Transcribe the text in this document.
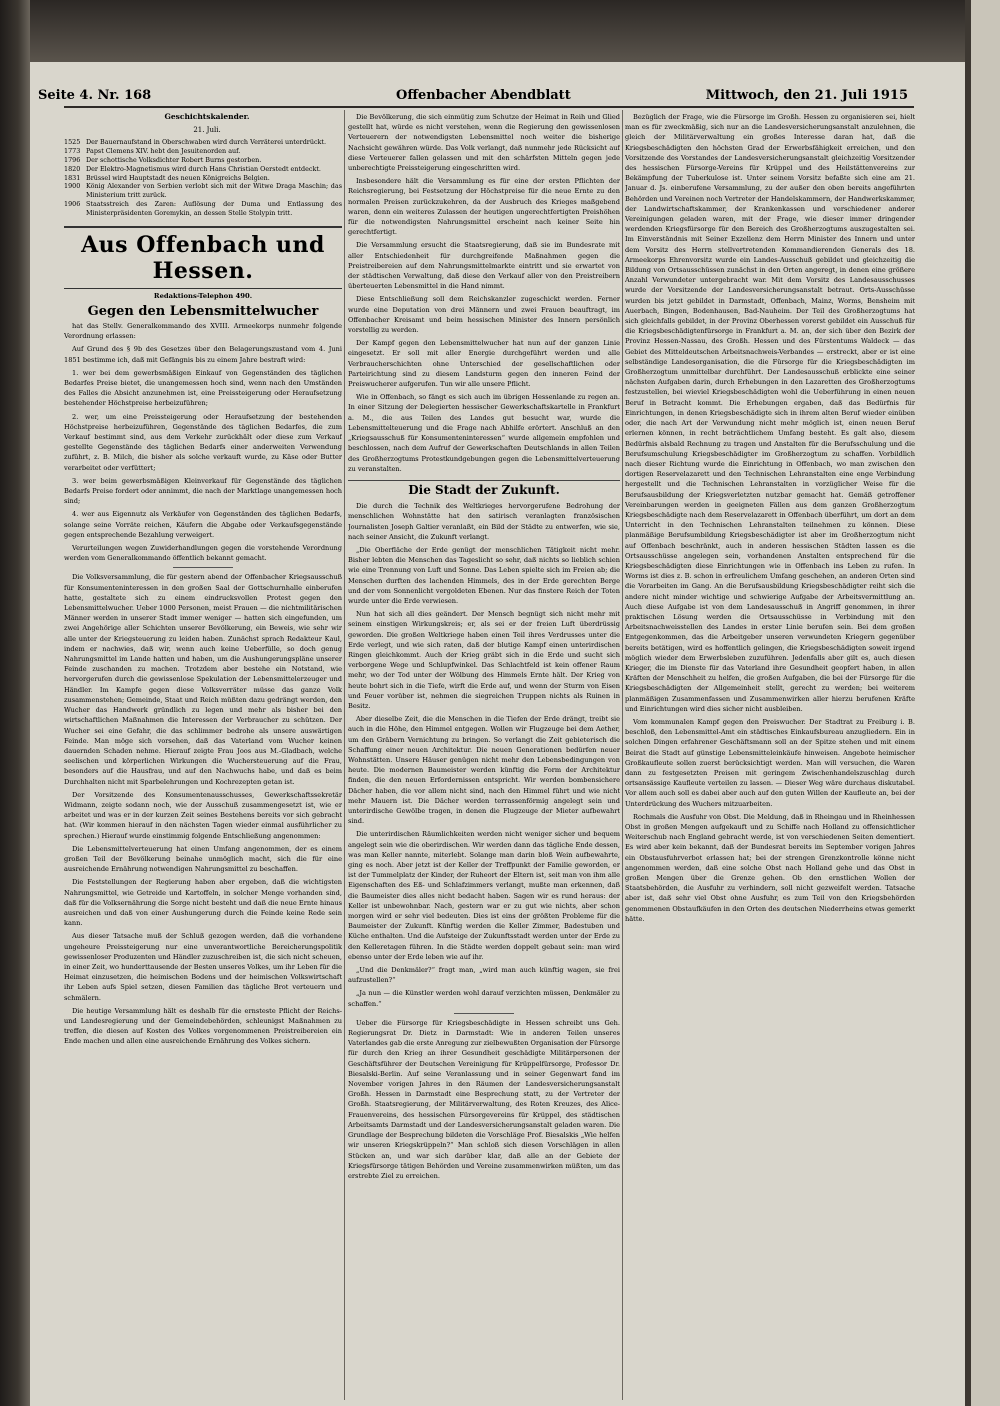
Seite 4. Nr. 168	Offenbacher Abendblatt	Mittwoch, den 21. Juli 1915

Geschichtskalender.

21. Juli.

1525 Der Bauernaufstand in Oberschwaben wird durch Verräterei unterdrückt.
1773 Papst Clemens XIV. hebt den Jesuitenorden auf.
1796 Der schottische Volksdichter Robert Burns gestorben.
1820 Der Elektro-Magnetismus wird durch Hans Christian Oerstedt entdeckt.
1831 Brüssel wird Hauptstadt des neuen Königreichs Belgien.
1900 König Alexander von Serbien verlobt sich mit der Witwe Draga Maschin; das Ministerium tritt zurück.
1906 Staatsstreich des Zaren: Auflösung der Duma und Entlassung des Ministerpräsidenten Goremykin, an dessen Stelle Stolypin tritt.
Aus Offenbach und Hessen.
Redaktions-Telephon 490.
Gegen den Lebensmittelwucher

hat das Stellv. Generalkommando des XVIII. Armeekorps nunmehr folgende Verordnung erlassen:

Auf Grund des § 9b des Gesetzes über den Belagerungszustand vom 4. Juni 1851 bestimme ich, daß mit Gefängnis bis zu einem Jahre bestraft wird:

1. wer bei dem gewerbsmäßigen Einkauf von Gegenständen des täglichen Bedarfes Preise bietet, die unangemessen hoch sind, wenn nach den Umständen des Falles die Absicht anzunehmen ist, eine Preissteigerung oder Heraufsetzung bestehender Höchstpreise herbeizuführen;

2. wer, um eine Preissteigerung oder Heraufsetzung der bestehenden Höchstpreise herbeizuführen, Gegenstände des täglichen Bedarfes, die zum Verkauf bestimmt sind, aus dem Verkehr zurückhält oder diese zum Verkauf gestellte Gegenstände des täglichen Bedarfs einer anderweiten Verwendung zuführt, z. B. Milch, die bisher als solche verkauft wurde, zu Käse oder Butter verarbeitet oder verfüttert;

3. wer beim gewerbsmäßigen Kleinverkauf für Gegenstände des täglichen Bedarfs Preise fordert oder annimmt, die nach der Marktlage unangemessen hoch sind;

4. wer aus Eigennutz als Verkäufer von Gegenständen des täglichen Bedarfs, solange seine Vorräte reichen, Käufern die Abgabe oder Verkaufsgegenstände gegen entsprechende Bezahlung verweigert.

Verurteilungen wegen Zuwiderhandlungen gegen die vorstehende Verordnung werden vom Generalkommando öffentlich bekannt gemacht.

Die Volksversammlung, die für gestern abend der Offenbacher Kriegsausschuß für Konsumenteninteressen in den großen Saal der Gottschurnhalle einberufen hatte, gestaltete sich zu einem eindrucksvollen Protest gegen den Lebensmittelwucher. Ueber 1000 Personen, meist Frauen — die nichtmilitärischen Männer werden in unserer Stadt immer weniger — hatten sich eingefunden, um zwei Angehörige aller Schichten unserer Bevölkerung, ein Beweis, wie sehr wir alle unter der Kriegsteuerung zu leiden haben. Zunächst sprach Redakteur Kaul, indem er nachwies, daß wir, wenn auch keine Ueberfülle, so doch genug Nahrungsmittel im Lande hatten und haben, um die Aushungerungspläne unserer Feinde zuschanden zu machen. Trotzdem aber bestehe ein Notstand, wie hervorgerufen durch die gewissenlose Spekulation der Lebensmittelerzeuger und Händler. Im Kampfe gegen diese Volksverräter müsse das ganze Volk zusammenstehen; Gemeinde, Staat und Reich müßten dazu gedrängt werden, den Wucher das Handwerk gründlich zu legen und mehr als bisher bei den wirtschaftlichen Maßnahmen die Interessen der Verbraucher zu schützen. Der Wucher sei eine Gefahr, die das schlimmer bedrohe als unsere auswärtigen Feinde. Man möge sich vorsehen, daß das Vaterland vom Wucher keinen dauernden Schaden nehme. Hierauf zeigte Frau Joos aus M.-Gladbach, welche seelischen und körperlichen Wirkungen die Wuchersteuerung auf die Frau, besonders auf die Hausfrau, und auf den Nachwuchs habe, und daß es beim Durchhalten nicht mit Sparbelehrungen und Kochrezepten getan ist.

Der Vorsitzende des Konsumentenausschusses, Gewerkschaftssekretär Widmann, zeigte sodann noch, wie der Ausschuß zusammengesetzt ist, wie er arbeitet und was er in der kurzen Zeit seines Bestehens bereits vor sich gebracht hat. (Wir kommen hierauf in den nächsten Tagen wieder einmal ausführlicher zu sprechen.) Hierauf wurde einstimmig folgende Entschließung angenommen:

Die Lebensmittelverteuerung hat einen Umfang angenommen, der es einem großen Teil der Bevölkerung beinahe unmöglich macht, sich die für eine ausreichende Ernährung notwendigen Nahrungsmittel zu beschaffen.

Die Feststellungen der Regierung haben aber ergeben, daß die wichtigsten Nahrungsmittel, wie Getreide und Kartoffeln, in solcher Menge vorhanden sind, daß für die Volksernährung die Sorge nicht besteht und daß die neue Ernte hinaus ausreichen und daß von einer Aushungerung durch die Feinde keine Rede sein kann.

Aus dieser Tatsache muß der Schluß gezogen werden, daß die vorhandene ungeheure Preissteigerung nur eine unverantwortliche Bereicherungspolitik gewissenloser Produzenten und Händler zuzuschreiben ist, die sich nicht scheuen, in einer Zeit, wo hunderttausende der Besten unseres Volkes, um ihr Leben für die Heimat einzusetzen, die heimischen Bodens und der heimischen Volkswirtschaft ihr Leben aufs Spiel setzen, diesen Familien das tägliche Brot verteuern und schmälern.

Die heutige Versammlung hält es deshalb für die ernsteste Pflicht der Reichs- und Landesregierung und der Gemeindebehörden, schleunigst Maßnahmen zu treffen, die diesen auf Kosten des Volkes vorgenommenen Preistreibereien ein Ende machen und allen eine ausreichende Ernährung des Volkes sichern.

Die Bevölkerung, die sich einmütig zum Schutze der Heimat in Reih und Glied gestellt hat, würde es nicht verstehen, wenn die Regierung den gewissenlosen Verteuerern der notwendigsten Lebensmittel noch weiter die bisherige Nachsicht gewähren würde. Das Volk verlangt, daß nunmehr jede Rücksicht auf diese Verteuerer fallen gelassen und mit den schärfsten Mitteln gegen jede unberechtigte Preissteigerung eingeschritten wird.

Insbesondere hält die Versammlung es für eine der ersten Pflichten der Reichsregierung, bei Festsetzung der Höchstpreise für die neue Ernte zu den normalen Preisen zurückzukehren, da der Ausbruch des Krieges maßgebend waren, denn ein weiteres Zulassen der heutigen ungerechtfertigten Preishöhen für die notwendigsten Nahrungsmittel erscheint nach keiner Seite hin gerechtfertigt.

Die Versammlung ersucht die Staatsregierung, daß sie im Bundesrate mit aller Entschiedenheit für durchgreifende Maßnahmen gegen die Preistreibereien auf dem Nahrungsmittelmarkte eintritt und sie erwartet von der städtischen Verwaltung, daß diese den Verkauf aller von den Preistreibern überteuerten Lebensmittel in die Hand nimmt.

Diese Entschließung soll dem Reichskanzler zugeschickt werden. Ferner wurde eine Deputation von drei Männern und zwei Frauen beauftragt, im Offenbacher Kreisamt und beim hessischen Minister des Innern persönlich vorstellig zu werden.

Der Kampf gegen den Lebensmittelwucher hat nun auf der ganzen Linie eingesetzt. Er soll mit aller Energie durchgeführt werden und alle Verbraucherschichten ohne Unterschied der gesellschaftlichen oder Parteirichtung sind zu diesem Landsturm gegen den inneren Feind der Preiswucherer aufgerufen. Tun wir alle unsere Pflicht.

Wie in Offenbach, so fängt es sich auch im übrigen Hessenlande zu regen an. In einer Sitzung der Delegierten hessischer Gewerkschaftskartelle in Frankfurt a. M., die aus Teilen des Landes gut besucht war, wurde die Lebensmittelteuerung und die Frage nach Abhilfe erörtert. Anschluß an den „Kriegsausschuß für Konsumenteninteressen“ wurde allgemein empfohlen und beschlossen, nach dem Aufruf der Gewerkschaften Deutschlands in allen Teilen des Großherzogtums Protestkundgebungen gegen die Lebensmittelverteuerung zu veranstalten.

Die Stadt der Zukunft.

Die durch die Technik des Weltkrieges hervorgerufene Bedrohung der menschlichen Wohnstätte hat den satirisch veranlagten französischen Journalisten Joseph Galtier veranlaßt, ein Bild der Städte zu entwerfen, wie sie, nach seiner Ansicht, die Zukunft verlangt.

„Die Oberfläche der Erde genügt der menschlichen Tätigkeit nicht mehr. Bisher lebten die Menschen das Tageslicht so sehr, daß nichts so lieblich schien wie eine Trennung von Luft und Sonne. Das Leben spielte sich im Freien ab; die Menschen durften des lachenden Himmels, des in der Erde gerechten Berge und der vom Sonnenlicht vergoldeten Ebenen. Nur das finstere Reich der Toten wurde unter die Erde verwiesen.

Nun hat sich all dies geändert. Der Mensch begnügt sich nicht mehr mit seinem einstigen Wirkungskreis; er, als sei er der freien Luft überdrüssig geworden. Die großen Weltkriege haben einen Teil ihres Verdrusses unter die Erde verlegt, und wie sich raten, daß der blutige Kampf einen unterirdischen Ringen gleichkommt. Auch der Krieg gräbt sich in die Erde und sucht sich verborgene Wege und Schlupfwinkel. Das Schlachtfeld ist kein offener Raum mehr, wo der Tod unter der Wölbung des Himmels Ernte hält. Der Krieg von heute bohrt sich in die Tiefe, wirft die Erde auf, und wenn der Sturm von Eisen und Feuer vorüber ist, nehmen die siegreichen Truppen nichts als Ruinen in Besitz.

Aber dieselbe Zeit, die die Menschen in die Tiefen der Erde drängt, treibt sie auch in die Höhe, den Himmel entgegen. Wollen wir Flugzeuge bei dem Aether, um den Gräbern Vernichtung zu bringen. So verlangt die Zeit gebieterisch die Schaffung einer neuen Architektur. Die neuen Generationen bedürfen neuer Wohnstätten. Unsere Häuser genügen nicht mehr den Lebensbedingungen von heute. Die modernen Baumeister werden künftig die Form der Architektur finden, die den neuen Erfordernissen entspricht. Wir werden bombensichere Dächer haben, die vor allem nicht sind, nach den Himmel führt und wie nicht mehr Mauern ist. Die Dächer werden terrassenförmig angelegt sein und unterirdische Gewölbe tragen, in denen die Flugzeuge der Mieter aufbewahrt sind.

Die unterirdischen Räumlichkeiten werden nicht weniger sicher und bequem angelegt sein wie die oberirdischen. Wir werden dann das tägliche Ende dessen, was man Keller nannte, miterlebt. Solange man darin bloß Wein aufbewahrte, ging es noch. Aber jetzt ist der Keller der Treffpunkt der Familie geworden, er ist der Tummelplatz der Kinder, der Ruheort der Eltern ist, seit man von ihm alle Eigenschaften des Eß- und Schlafzimmers verlangt, mußte man erkennen, daß die Baumeister dies alles nicht bedacht haben. Sagen wir es rund heraus: der Keller ist unbewohnbar. Nach, gestern war er zu gut wie nichts, aber schon morgen wird er sehr viel bedeuten. Dies ist eins der größten Probleme für die Baumeister der Zukunft. Künftig werden die Keller Zimmer, Badestuben und Küche enthalten. Und die Aufsteige der Zukunftsstadt werden unter der Erde zu den Kelleretagen führen. In die Städte werden doppelt gebaut sein: man wird ebenso unter der Erde leben wie auf ihr.

„Und die Denkmäler?“ fragt man, „wird man auch künftig wagen, sie frei aufzustellen?“

„Ja nun — die Künstler werden wohl darauf verzichten müssen, Denkmäler zu schaffen.“

Ueber die Fürsorge für Kriegsbeschädigte in Hessen schreibt uns Geh. Regierungsrat Dr. Dietz in Darmstadt: Wie in anderen Teilen unseres Vaterlandes gab die erste Anregung zur zielbewußten Organisation der Fürsorge für durch den Krieg an ihrer Gesundheit geschädigte Militärpersonen der Geschäftsführer der Deutschen Vereinigung für Krüppelfürsorge, Professor Dr. Biesalski-Berlin. Auf seine Veranlassung und in seiner Gegenwart fand im November vorigen Jahres in den Räumen der Landesversicherungsanstalt Großh. Hessen in Darmstadt eine Besprechung statt, zu der Vertreter der Großh. Staatsregierung, der Militärverwaltung, des Roten Kreuzes, des Alice-Frauenvereins, des hessischen Fürsorgevereins für Krüppel, des städtischen Arbeitsamts Darmstadt und der Landesversicherungsanstalt geladen waren. Die Grundlage der Besprechung bildeten die Vorschläge Prof. Biesalskis „Wie helfen wir unseren Kriegskrüppeln?“ Man schloß sich diesen Vorschlägen in allen Stücken an, und war sich darüber klar, daß alle an der Gebiete der Kriegsfürsorge tätigen Behörden und Vereine zusammenwirken müßten, um das erstrebte Ziel zu erreichen.

Bezüglich der Frage, wie die Fürsorge im Großh. Hessen zu organisieren sei, hielt man es für zweckmäßig, sich nur an die Landesversicherungsanstalt anzulehnen, die gleich der Militärverwaltung ein großes Interesse daran hat, daß die Kriegsbeschädigten den höchsten Grad der Erwerbsfähigkeit erreichen, und den Vorsitzende des Vorstandes der Landesversicherungsanstalt gleichzeitig Vorsitzender des hessischen Fürsorge-Vereins für Krüppel und des Heilstättenvereins zur Bekämpfung der Tuberkulose ist. Unter seinem Vorsitz befaßte sich eine am 21. Januar d. Js. einberufene Versammlung, zu der außer den oben bereits angeführten Behörden und Vereinen noch Vertreter der Handelskammern, der Handwerkskammer, der Landwirtschaftskammer, der Krankenkassen und verschiedener anderer Vereinigungen geladen waren, mit der Frage, wie dieser immer dringender werdenden Kriegsfürsorge für den Bereich des Großherzogtums auszugestalten sei. Im Einverständnis mit Seiner Exzellenz dem Herrn Minister des Innern und unter dem Vorsitz des Herrn stellvertretenden Kommandierenden Generals des 18. Armeekorps Ehrenvorsitz wurde ein Landes-Ausschuß gebildet und gleichzeitig die Bildung von Ortsausschüssen zunächst in den Orten angeregt, in denen eine größere Anzahl Verwundeter untergebracht war. Mit dem Vorsitz des Landesausschusses wurde der Vorsitzende der Landesversicherungsanstalt betraut. Orts-Ausschüsse wurden bis jetzt gebildet in Darmstadt, Offenbach, Mainz, Worms, Bensheim mit Auerbach, Bingen, Bodenhausen, Bad-Nauheim. Der Teil des Großherzogtums hat sich gleichfalls gebildet, in der Provinz Oberhessen vorerst gebildet ein Ausschuß für die Kriegsbeschädigtenfürsorge in Frankfurt a. M. an, der sich über den Bezirk der Provinz Hessen-Nassau, des Großh. Hessen und des Fürstentums Waldeck — das Gebiet des Mitteldeutschen Arbeitsnachweis-Verbandes — erstreckt, aber er ist eine selbständige Landesorganisation, die die Fürsorge für die Kriegsbeschädigten im Großherzogtum unmittelbar durchführt. Der Landesausschuß erblickte eine seiner nächsten Aufgaben darin, durch Erhebungen in den Lazaretten des Großherzogtums festzustellen, bei wieviel Kriegsbeschädigten wohl die Ueberführung in einen neuen Beruf in Betracht kommt. Die Erhebungen ergaben, daß das Bedürfnis für Einrichtungen, in denen Kriegsbeschädigte sich in ihrem alten Beruf wieder einüben oder, die nach Art der Verwundung nicht mehr möglich ist, einen neuen Beruf erlernen können, in recht beträchtlichem Umfang besteht. Es galt also, diesem Bedürfnis alsbald Rechnung zu tragen und Anstalten für die Berufsschulung und die Berufsumschulung Kriegsbeschädigter im Großherzogtum zu schaffen. Vorbildlich nach dieser Richtung wurde die Einrichtung in Offenbach, wo man zwischen den dortigen Reservelazarett und den Technischen Lehranstalten eine enge Verbindung hergestellt und die Technischen Lehranstalten in vorzüglicher Weise für die Berufsausbildung der Kriegsverletzten nutzbar gemacht hat. Gemäß getroffener Vereinbarungen werden in geeigneten Fällen aus dem ganzen Großherzogtum Kriegsbeschädigte nach dem Reservelazarett in Offenbach überführt, um dort an dem Unterricht in den Technischen Lehranstalten teilnehmen zu können. Diese planmäßige Berufsumbildung Kriegsbeschädigter ist aber im Großherzogtum nicht auf Offenbach beschränkt, auch in anderen hessischen Städten lassen es die Ortsausschüsse angelegen sein, vorhandenen Anstalten entsprechend für die Kriegsbeschädigten diese Einrichtungen wie in Offenbach ins Leben zu rufen. In Worms ist dies z. B. schon in erfreulichem Umfang geschehen, an anderen Orten sind die Vorarbeiten im Gang. An die Berufsausbildung Kriegsbeschädigter reiht sich die andere nicht minder wichtige und schwierige Aufgabe der Arbeitsvermittlung an. Auch diese Aufgabe ist von dem Landesausschuß in Angriff genommen, in ihrer praktischen Lösung werden die Ortsausschüsse in Verbindung mit den Arbeitsnachweisstellen des Landes in erster Linie berufen sein. Bei dem großen Entgegenkommen, das die Arbeitgeber unseren verwundeten Kriegern gegenüber bereits betätigen, wird es hoffentlich gelingen, die Kriegsbeschädigten soweit irgend möglich wieder dem Erwerbsleben zuzuführen. Jedenfalls aber gilt es, auch diesen Krieger, die im Dienste für das Vaterland ihre Gesundheit geopfert haben, in allen Kräften der Menschheit zu helfen, die großen Aufgaben, die bei der Fürsorge für die Kriegsbeschädigten der Allgemeinheit stellt, gerecht zu werden; bei weiterem planmäßigen Zusammenfassen und Zusammenwirken aller hierzu berufenen Kräfte und Einrichtungen wird dies sicher nicht ausbleiben.

Vom kommunalen Kampf gegen den Preiswucher. Der Stadtrat zu Freiburg i. B. beschloß, den Lebensmittel-Amt ein städtisches Einkaufsbureau anzugliedern. Ein in solchen Dingen erfahrener Geschäftsmann soll an der Spitze stehen und mit einem Beirat die Stadt auf günstige Lebensmitteleinkäufe hinweisen. Angebote heimischer Großkaufleute sollen zuerst berücksichtigt werden. Man will versuchen, die Waren dann zu festgesetzten Preisen mit geringem Zwischenhandelszuschlag durch ortsansässige Kaufleute verteilen zu lassen. — Dieser Weg wäre durchaus diskutabel. Vor allem auch soll es dabei aber auch auf den guten Willen der Kaufleute an, bei der Unterdrückung des Wuchers mitzuarbeiten.

Rochmals die Ausfuhr von Obst. Die Meldung, daß in Rheingau und in Rheinhessen Obst in großen Mengen aufgekauft und zu Schiffe nach Holland zu offensichtlicher Weiterschub nach England gebracht werde, ist von verschiedenen Seiten dementiert. Es wird aber kein bekannt, daß der Bundesrat bereits im September vorigen Jahres ein Obstausfuhrverbot erlassen hat; bei der strengen Grenzkontrolle könne nicht angenommen werden, daß eine solche Obst nach Holland gehe und das Obst in großen Mengen über die Grenze gehen. Ob den ernstlichen Wollen der Staatsbehörden, die Ausfuhr zu verhindern, soll nicht gezweifelt werden. Tatsache aber ist, daß sehr viel Obst ohne Ausfuhr, es zum Teil von den Kriegsbehörden genommenen Obstaufkäufen in den Orten des deutschen Niederrheins etwas gemerkt hätte.
